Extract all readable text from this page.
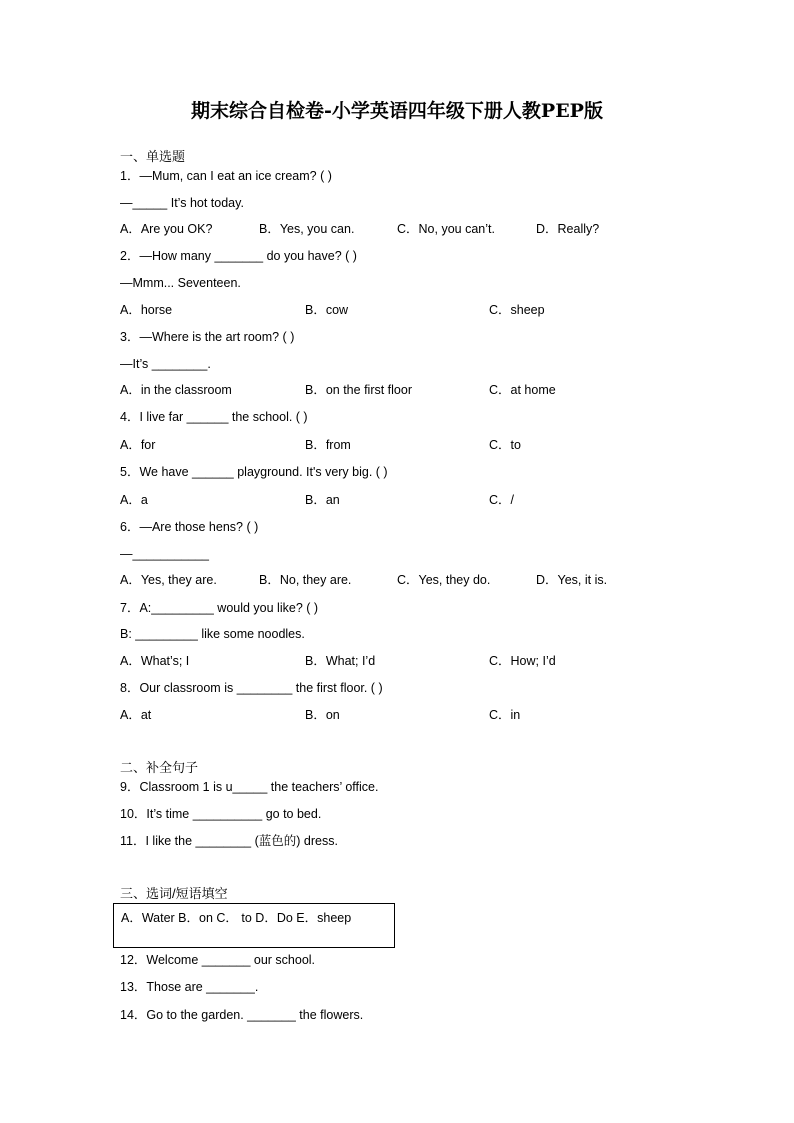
期末综合自检卷-小学英语四年级下册人教PEP版
一、单选题
1．—Mum, can I eat an ice cream? ( )
—_____ It’s hot today.
A．Are you OK?	B．Yes, you can.	C．No, you can’t.	D．Really?
2．—How many _______ do you have? ( )
—Mmm... Seventeen.
A．horse	B．cow	C．sheep
3．—Where is the art room? ( )
—It’s ________.
A．in the classroom	B．on the first floor	C．at home
4．I live far ______ the school. ( )
A．for	B．from	C．to
5．We have ______ playground. It's very big. ( )
A．a	B．an	C．/
6．—Are those hens? ( )
—___________
A．Yes, they are.	B．No, they are.	C．Yes, they do.	D．Yes, it is.
7．A:_________ would you like? ( )
B: _________ like some noodles.
A．What’s; I	B．What; I’d	C．How; I’d
8．Our classroom is ________ the first floor. ( )
A．at	B．on	C．in
二、补全句子
9．Classroom 1 is u_____ the teachers’ office.
10．It’s time __________ go to bed.
11．I like the ________ (蓝色的) dress.
三、选词/短语填空
A．Water B．on C． to D．Do E．sheep
12．Welcome _______ our school.
13．Those are _______.
14．Go to the garden. _______ the flowers.
